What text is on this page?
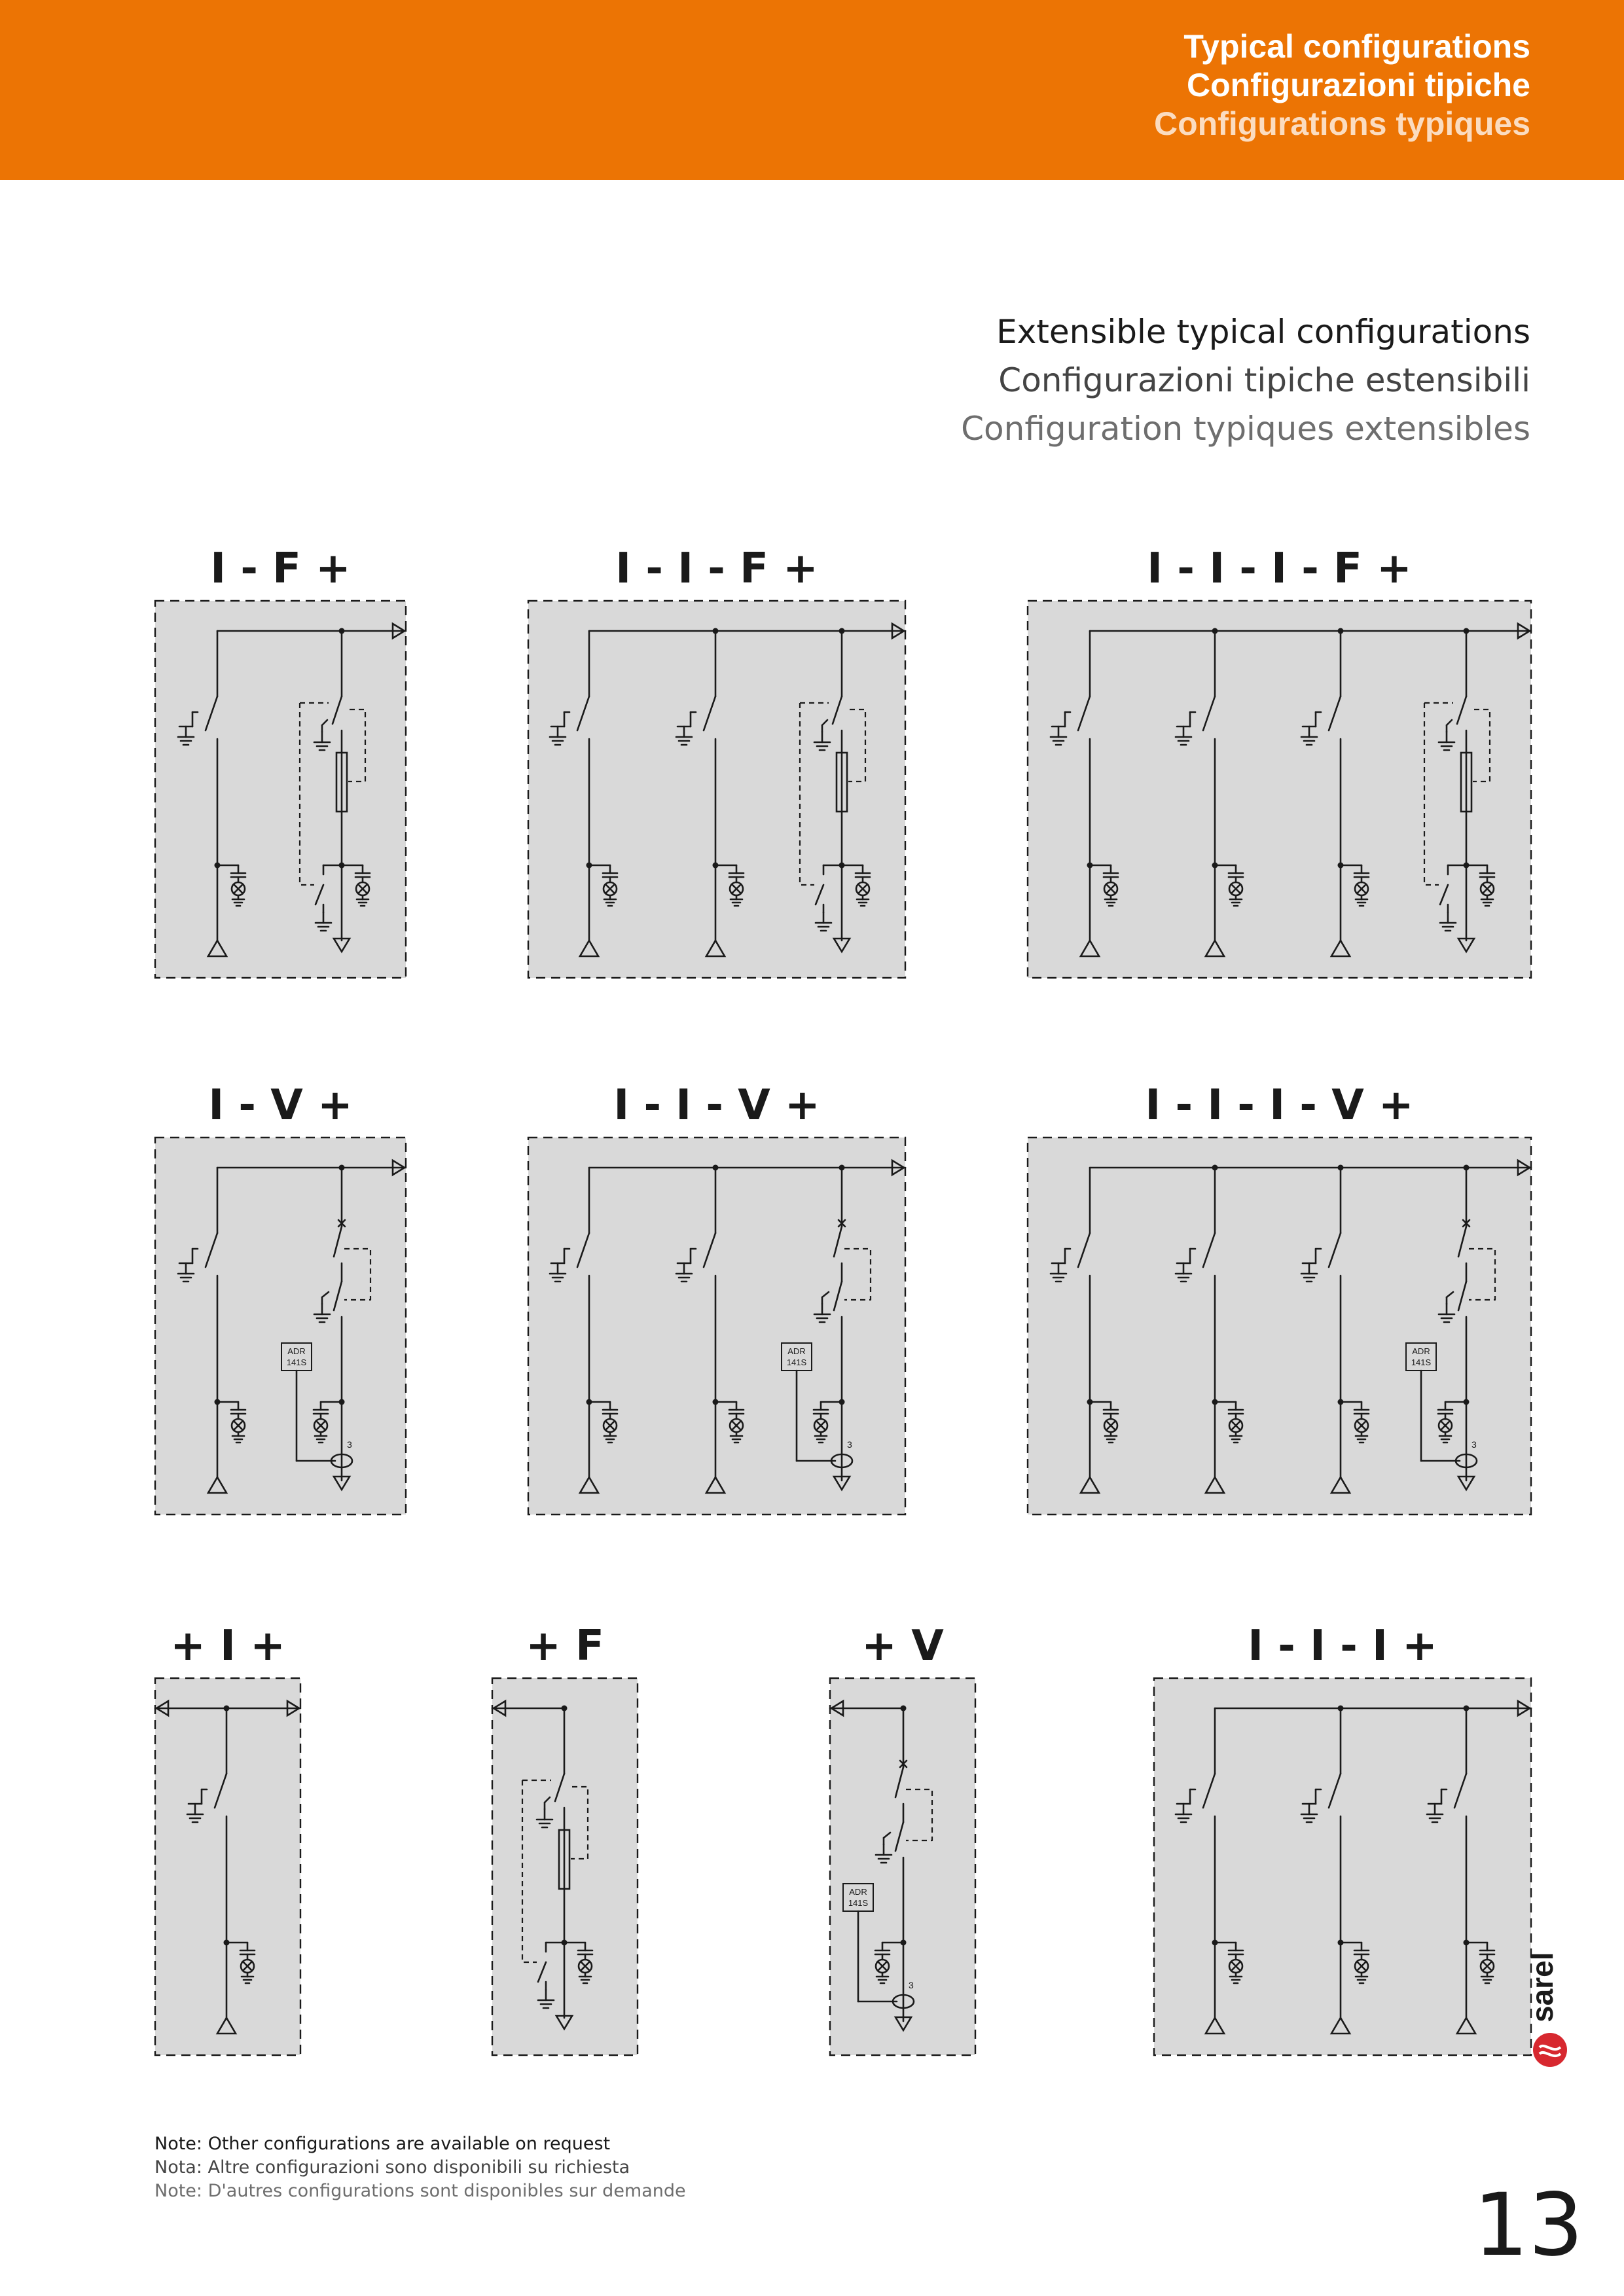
Typical configurations
Configurazioni tipiche
Configurations typiques
Extensible typical configurations
Configurazioni tipiche estensibili
Configuration typiques extensibles
I - F +	I - I - F +	I - I - I - F +
I - V +
ADR
141S
3
I - I - V +
ADR
141S
3
I - I - I - V +
ADR
141S
3
+ I +	+ F	+ V
ADR
141S
3
I - I - I +
Note: Other configurations are available on request
Nota: Altre configurazioni sono disponibili su richiesta
Note: D'autres configurations sont disponibles sur demande	13
sarel
